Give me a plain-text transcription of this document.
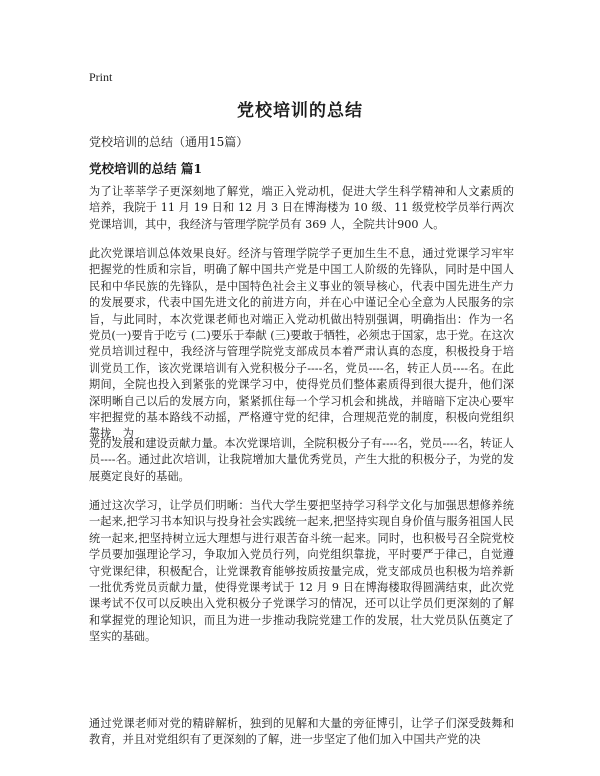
Print
党校培训的总结
党校培训的总结（通用15篇）
党校培训的总结 篇1
为了让莘莘学子更深刻地了解党，端正入党动机，促进大学生科学精神和人文素质的培养，我院于 11 月 19 日和 12 月 3 日在博海楼为 10 级、11 级党校学员举行两次党课培训，其中，我经济与管理学院学员有 369 人，全院共计900 人。
此次党课培训总体效果良好。经济与管理学院学子更加生生不息，通过党课学习牢牢把握党的性质和宗旨，明确了解中国共产党是中国工人阶级的先锋队，同时是中国人民和中华民族的先锋队，是中国特色社会主义事业的领导核心，代表中国先进生产力的发展要求，代表中国先进文化的前进方向，并在心中谨记全心全意为人民服务的宗旨，与此同时，本次党课老师也对端正入党动机做出特别强调，明确指出：作为一名党员(一)要肯于吃亏 (二)要乐于奉献 (三)要敢于牺牲，必须忠于国家，忠于党。在这次党员培训过程中，我经济与管理学院党支部成员本着严肃认真的态度，积极投身于培训党员工作，该次党课培训有入党积极分子----名，党员----名，转正人员----名。在此期间，全院也投入到紧张的党课学习中，使得党员们整体素质得到很大提升，他们深深明晰自己以后的发展方向，紧紧抓住每一个学习机会和挑战，并暗暗下定决心要牢牢把握党的基本路线不动摇，严格遵守党的纪律，合理规范党的制度，积极向党组织靠拢，为
党的发展和建设贡献力量。本次党课培训，全院积极分子有----名，党员----名，转证人员----名。通过此次培训，让我院增加大量优秀党员，产生大批的积极分子，为党的发展奠定良好的基础。
通过这次学习，让学员们明晰：当代大学生要把坚持学习科学文化与加强思想修养统一起来,把学习书本知识与投身社会实践统一起来,把坚持实现自身价值与服务祖国人民统一起来,把坚持树立远大理想与进行艰苦奋斗统一起来。同时，也积极号召全院党校学员要加强理论学习，争取加入党员行列，向党组织靠拢，平时要严于律己，自觉遵守党课纪律，积极配合，让党课教育能够按质按量完成，党支部成员也积极为培养新一批优秀党员贡献力量，使得党课考试于 12 月 9 日在博海楼取得圆满结束，此次党课考试不仅可以反映出入党积极分子党课学习的情况，还可以让学员们更深刻的了解和掌握党的理论知识，而且为进一步推动我院党建工作的发展，壮大党员队伍奠定了坚实的基础。
通过党课老师对党的精辟解析，独到的见解和大量的旁征博引，让学子们深受鼓舞和教育，并且对党组织有了更深刻的了解，进一步坚定了他们加入中国共产党的决
